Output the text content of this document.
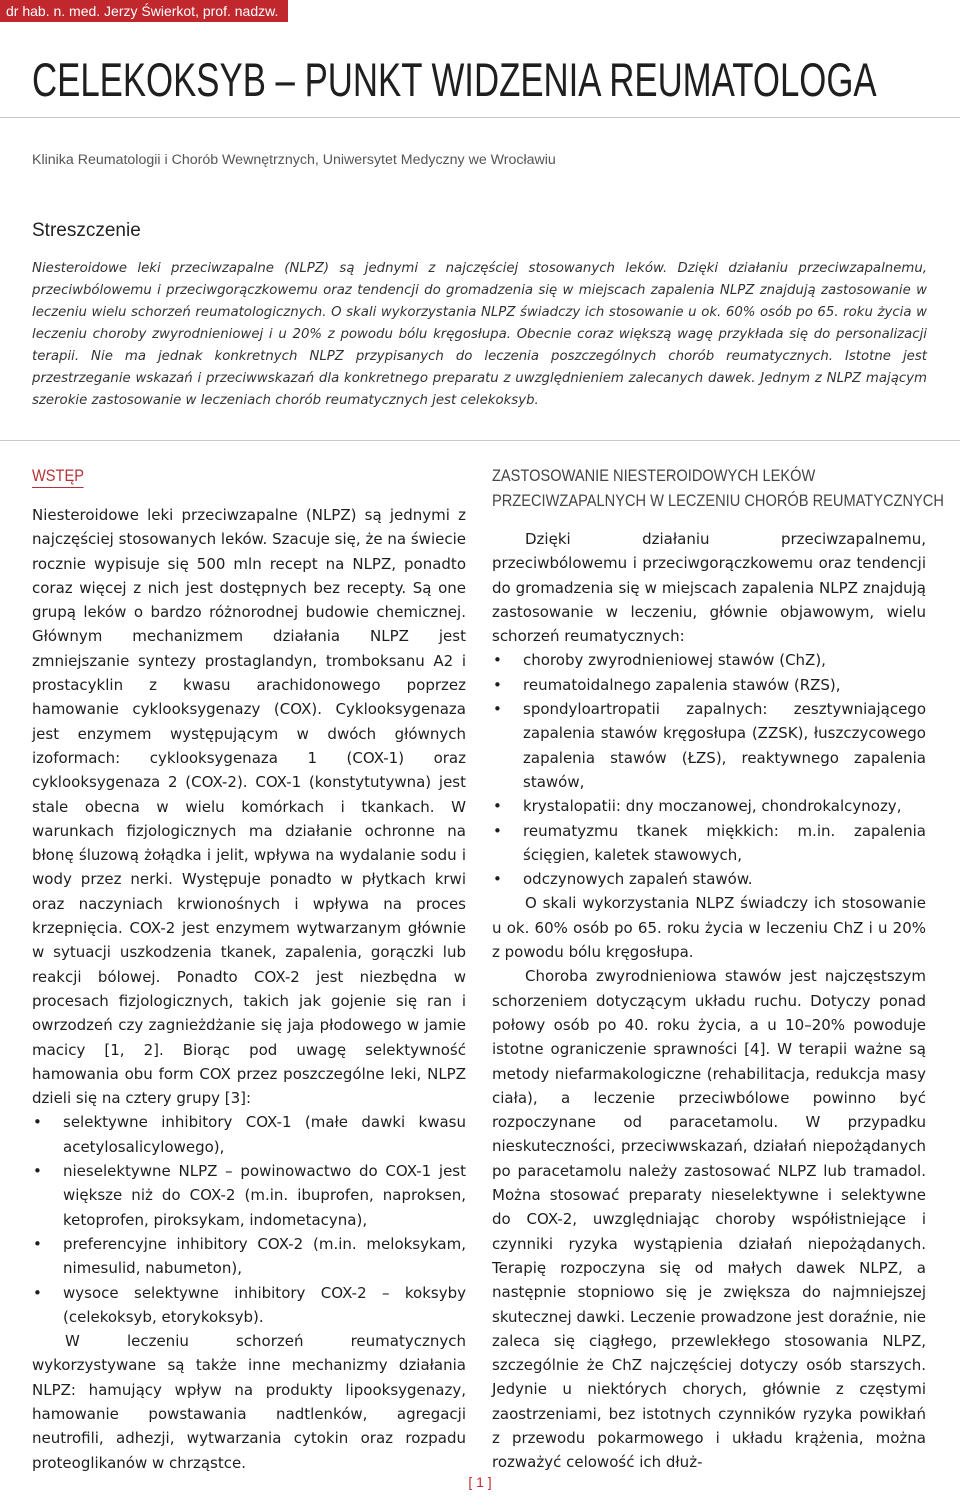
dr hab. n. med. Jerzy Świerkot, prof. nadzw.
CELEKOKSYB – PUNKT WIDZENIA REUMATOLOGA
Klinika Reumatologii i Chorób Wewnętrznych, Uniwersytet Medyczny we Wrocławiu
Streszczenie

Niesteroidowe leki przeciwzapalne (NLPZ) są jednymi z najczęściej stosowanych leków. Dzięki działaniu przeciwzapalnemu, przeciwbólowemu i przeciwgorączkowemu oraz tendencji do gromadzenia się w miejscach zapalenia NLPZ znajdują zastosowanie w leczeniu wielu schorzeń reumatologicznych. O skali wykorzystania NLPZ świadczy ich stosowanie u ok. 60% osób po 65. roku życia w leczeniu choroby zwyrodnieniowej i u 20% z powodu bólu kręgosłupa. Obecnie coraz większą wagę przykłada się do personalizacji terapii. Nie ma jednak konkretnych NLPZ przypisanych do leczenia poszczególnych chorób reumatycznych. Istotne jest przestrzeganie wskazań i przeciwwskazań dla konkretnego preparatu z uwzględnieniem zalecanych dawek. Jednym z NLPZ mającym szerokie zastosowanie w leczeniach chorób reumatycznych jest celekoksyb.

WSTĘP

Niesteroidowe leki przeciwzapalne (NLPZ) są jednymi z najczęściej stosowanych leków. Szacuje się, że na świecie rocznie wypisuje się 500 mln recept na NLPZ, ponadto coraz więcej z nich jest dostępnych bez recepty. Są one grupą leków o bardzo różnorodnej budowie chemicznej. Głównym mechanizmem działania NLPZ jest zmniejszanie syntezy prostaglandyn, tromboksanu A2 i prostacyklin z kwasu arachidonowego poprzez hamowanie cyklooksygenazy (COX). Cyklooksygenaza jest enzymem występującym w dwóch głównych izoformach: cyklooksygenaza 1 (COX-1) oraz cyklooksygenaza 2 (COX-2). COX-1 (konstytutywna) jest stale obecna w wielu komórkach i tkankach. W warunkach fizjologicznych ma działanie ochronne na błonę śluzową żołądka i jelit, wpływa na wydalanie sodu i wody przez nerki. Występuje ponadto w płytkach krwi oraz naczyniach krwionośnych i wpływa na proces krzepnięcia. COX-2 jest enzymem wytwarzanym głównie w sytuacji uszkodzenia tkanek, zapalenia, gorączki lub reakcji bólowej. Ponadto COX-2 jest niezbędna w procesach fizjologicznych, takich jak gojenie się ran i owrzodzeń czy zagnieżdżanie się jaja płodowego w jamie macicy [1, 2]. Biorąc pod uwagę selektywność hamowania obu form COX przez poszczególne leki, NLPZ dzieli się na cztery grupy [3]:

• selektywne inhibitory COX-1 (małe dawki kwasu acetylosalicylowego),
• nieselektywne NLPZ – powinowactwo do COX-1 jest większe niż do COX-2 (m.in. ibuprofen, naproksen, ketoprofen, piroksykam, indometacyna),
• preferencyjne inhibitory COX-2 (m.in. meloksykam, nimesulid, nabumeton),
• wysoce selektywne inhibitory COX-2 – koksyby (celekoksyb, etorykoksyb).

W leczeniu schorzeń reumatycznych wykorzystywane są także inne mechanizmy działania NLPZ: hamujący wpływ na produkty lipooksygenazy, hamowanie powstawania nadtlenków, agregacji neutrofili, adhezji, wytwarzania cytokin oraz rozpadu proteoglikanów w chrząstce.

ZASTOSOWANIE NIESTEROIDOWYCH LEKÓW
PRZECIWZAPALNYCH W LECZENIU CHORÓB REUMATYCZNYCH

Dzięki działaniu przeciwzapalnemu, przeciwbólowemu i przeciwgorączkowemu oraz tendencji do gromadzenia się w miejscach zapalenia NLPZ znajdują zastosowanie w leczeniu, głównie objawowym, wielu schorzeń reumatycznych:

• choroby zwyrodnieniowej stawów (ChZ),
• reumatoidalnego zapalenia stawów (RZS),
• spondyloartropatii zapalnych: zesztywniającego zapalenia stawów kręgosłupa (ZZSK), łuszczycowego zapalenia stawów (ŁZS), reaktywnego zapalenia stawów,
• krystalopatii: dny moczanowej, chondrokalcynozy,
• reumatyzmu tkanek miękkich: m.in. zapalenia ścięgien, kaletek stawowych,
• odczynowych zapaleń stawów.

O skali wykorzystania NLPZ świadczy ich stosowanie u ok. 60% osób po 65. roku życia w leczeniu ChZ i u 20% z powodu bólu kręgosłupa.

Choroba zwyrodnieniowa stawów jest najczęstszym schorzeniem dotyczącym układu ruchu. Dotyczy ponad połowy osób po 40. roku życia, a u 10–20% powoduje istotne ograniczenie sprawności [4]. W terapii ważne są metody niefarmakologiczne (rehabilitacja, redukcja masy ciała), a leczenie przeciwbólowe powinno być rozpoczynane od paracetamolu. W przypadku nieskuteczności, przeciwwskazań, działań niepożądanych po paracetamolu należy zastosować NLPZ lub tramadol. Można stosować preparaty nieselektywne i selektywne do COX-2, uwzględniając choroby współistniejące i czynniki ryzyka wystąpienia działań niepożądanych. Terapię rozpoczyna się od małych dawek NLPZ, a następnie stopniowo się je zwiększa do najmniejszej skutecznej dawki. Leczenie prowadzone jest doraźnie, nie zaleca się ciągłego, przewlekłego stosowania NLPZ, szczególnie że ChZ najczęściej dotyczy osób starszych. Jedynie u niektórych chorych, głównie z częstymi zaostrzeniami, bez istotnych czynników ryzyka powikłań z przewodu pokarmowego i układu krążenia, można rozważyć celowość ich dłuż-

[ 1 ]
